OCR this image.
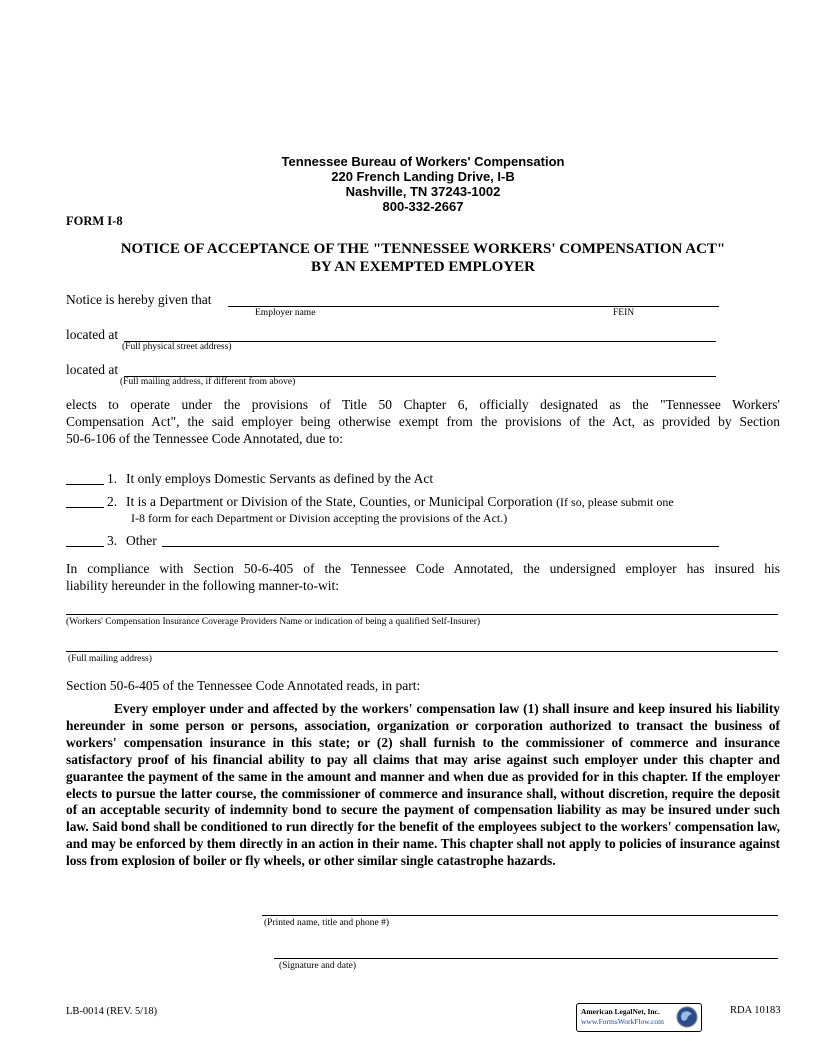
Tennessee Bureau of Workers' Compensation
220 French Landing Drive, I-B
Nashville, TN 37243-1002
800-332-2667
FORM I-8
NOTICE OF ACCEPTANCE OF THE "TENNESSEE WORKERS' COMPENSATION ACT"
BY AN EXEMPTED EMPLOYER
Notice is hereby given that
Employer name	FEIN
located at
(Full physical street address)
located at
(Full mailing address, if different from above)
elects to operate under the provisions of Title 50 Chapter 6, officially designated as the "Tennessee Workers'
Compensation Act", the said employer being otherwise exempt from the provisions of the Act, as provided by Section
50-6-106 of the Tennessee Code Annotated, due to:
1. It only employs Domestic Servants as defined by the Act
2. It is a Department or Division of the State, Counties, or Municipal Corporation (If so, please submit one
I-8 form for each Department or Division accepting the provisions of the Act.)
3. Other
In compliance with Section 50-6-405 of the Tennessee Code Annotated, the undersigned employer has insured his
liability hereunder in the following manner-to-wit:
(Workers' Compensation Insurance Coverage Providers Name or indication of being a qualified Self-Insurer)
(Full mailing address)
Section 50-6-405 of the Tennessee Code Annotated reads, in part:
Every employer under and affected by the workers' compensation law (1) shall insure and keep insured his liability hereunder in some person or persons, association, organization or corporation authorized to transact the business of workers' compensation insurance in this state; or (2) shall furnish to the commissioner of commerce and insurance satisfactory proof of his financial ability to pay all claims that may arise against such employer under this chapter and guarantee the payment of the same in the amount and manner and when due as provided for in this chapter. If the employer elects to pursue the latter course, the commissioner of commerce and insurance shall, without discretion, require the deposit of an acceptable security of indemnity bond to secure the payment of compensation liability as may be insured under such law. Said bond shall be conditioned to run directly for the benefit of the employees subject to the workers' compensation law, and may be enforced by them directly in an action in their name. This chapter shall not apply to policies of insurance against loss from explosion of boiler or fly wheels, or other similar single catastrophe hazards.
(Printed name, title and phone #)
(Signature and date)
LB-0014 (REV. 5/18)	American LegalNet, Inc.
www.FormsWorkFlow.com
RDA 10183
